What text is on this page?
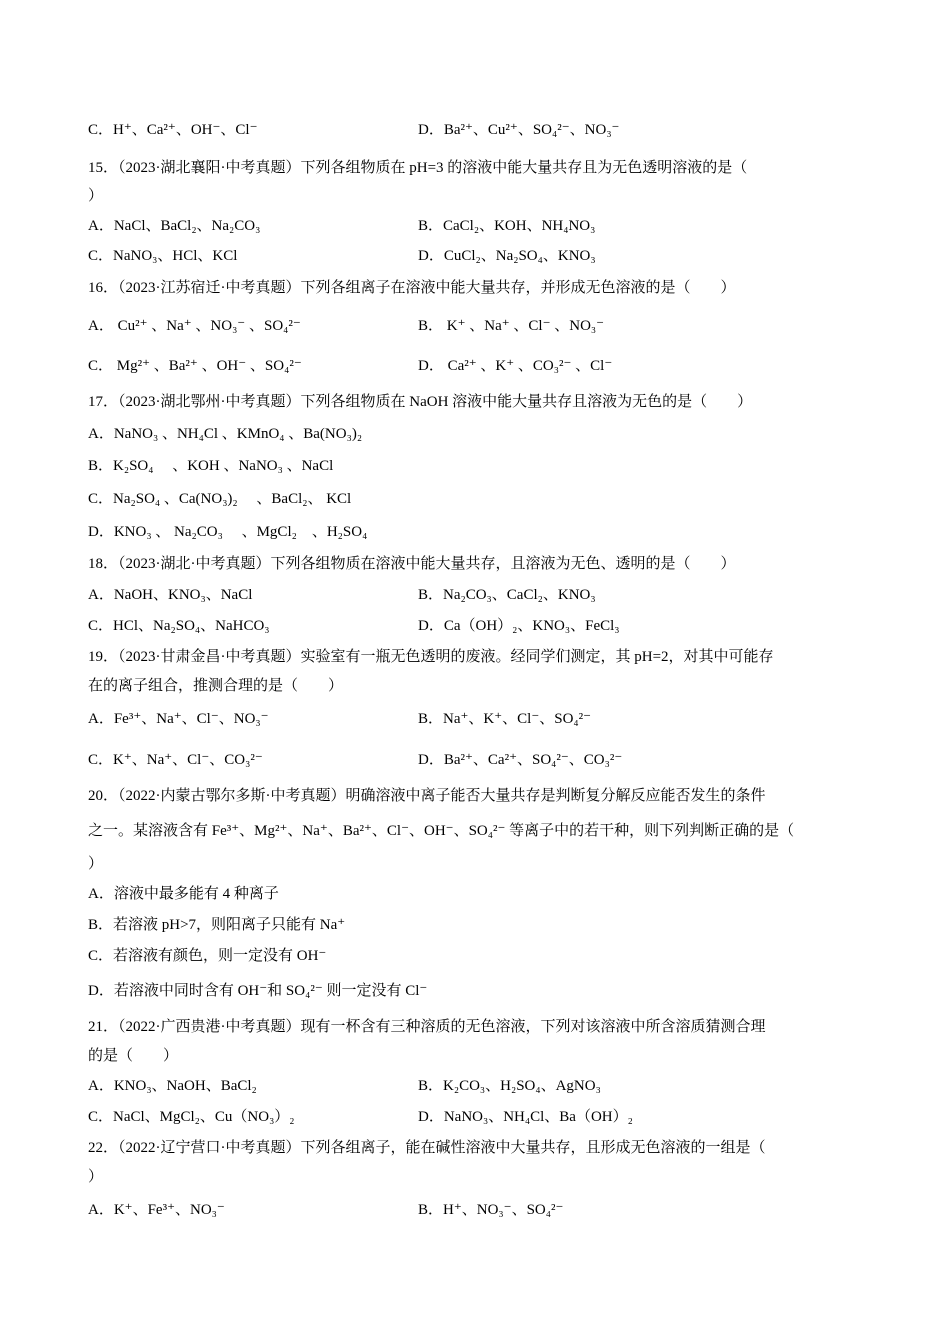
C．H⁺、Ca²⁺、OH⁻、Cl⁻	D．Ba²⁺、Cu²⁺、SO₄²⁻、NO₃⁻
15．（2023·湖北襄阳·中考真题）下列各组物质在 pH=3 的溶液中能大量共存且为无色透明溶液的是（
）
A．NaCl、BaCl₂、Na₂CO₃	B．CaCl₂、KOH、NH₄NO₃
C．NaNO₃、HCl、KCl	D．CuCl₂、Na₂SO₄、KNO₃
16．（2023·江苏宿迁·中考真题）下列各组离子在溶液中能大量共存，并形成无色溶液的是（　　）
A． Cu²⁺ 、Na⁺ 、NO₃⁻ 、SO₄²⁻	B． K⁺ 、Na⁺ 、Cl⁻ 、NO₃⁻
C． Mg²⁺ 、Ba²⁺ 、OH⁻ 、SO₄²⁻	D． Ca²⁺ 、K⁺ 、CO₃²⁻ 、Cl⁻
17．（2023·湖北鄂州·中考真题）下列各组物质在 NaOH 溶液中能大量共存且溶液为无色的是（　　）
A．NaNO₃ 、NH₄Cl 、KMnO₄ 、Ba(NO₃)₂
B．K₂SO₄　 、KOH 、NaNO₃ 、NaCl
C．Na₂SO₄ 、Ca(NO₃)₂　 、BaCl₂、 KCl
D．KNO₃ 、 Na₂CO₃　 、MgCl₂　、H₂SO₄
18．（2023·湖北·中考真题）下列各组物质在溶液中能大量共存，且溶液为无色、透明的是（　　）
A．NaOH、KNO₃、NaCl	B．Na₂CO₃、CaCl₂、KNO₃
C．HCl、Na₂SO₄、NaHCO₃	D．Ca（OH）₂、KNO₃、FeCl₃
19．（2023·甘肃金昌·中考真题）实验室有一瓶无色透明的废液。经同学们测定，其 pH=2，对其中可能存
在的离子组合，推测合理的是（　　）
A．Fe³⁺、Na⁺、Cl⁻、NO₃⁻	B．Na⁺、K⁺、Cl⁻、SO₄²⁻
C．K⁺、Na⁺、Cl⁻、CO₃²⁻	D．Ba²⁺、Ca²⁺、SO₄²⁻、CO₃²⁻
20．（2022·内蒙古鄂尔多斯·中考真题）明确溶液中离子能否大量共存是判断复分解反应能否发生的条件
之一。某溶液含有 Fe³⁺、Mg²⁺、Na⁺、Ba²⁺、Cl⁻、OH⁻、SO₄²⁻ 等离子中的若干种，则下列判断正确的是（
）
A．溶液中最多能有 4 种离子
B．若溶液 pH>7，则阳离子只能有 Na⁺
C．若溶液有颜色，则一定没有 OH⁻
D．若溶液中同时含有 OH⁻和 SO₄²⁻ 则一定没有 Cl⁻
21．（2022·广西贵港·中考真题）现有一杯含有三种溶质的无色溶液，下列对该溶液中所含溶质猜测合理
的是（　　）
A．KNO₃、NaOH、BaCl₂	B．K₂CO₃、H₂SO₄、AgNO₃
C．NaCl、MgCl₂、Cu（NO₃）₂	D．NaNO₃、NH₄Cl、Ba（OH）₂
22．（2022·辽宁营口·中考真题）下列各组离子，能在碱性溶液中大量共存，且形成无色溶液的一组是（
）
A．K⁺、Fe³⁺、NO₃⁻	B．H⁺、NO₃⁻、SO₄²⁻
